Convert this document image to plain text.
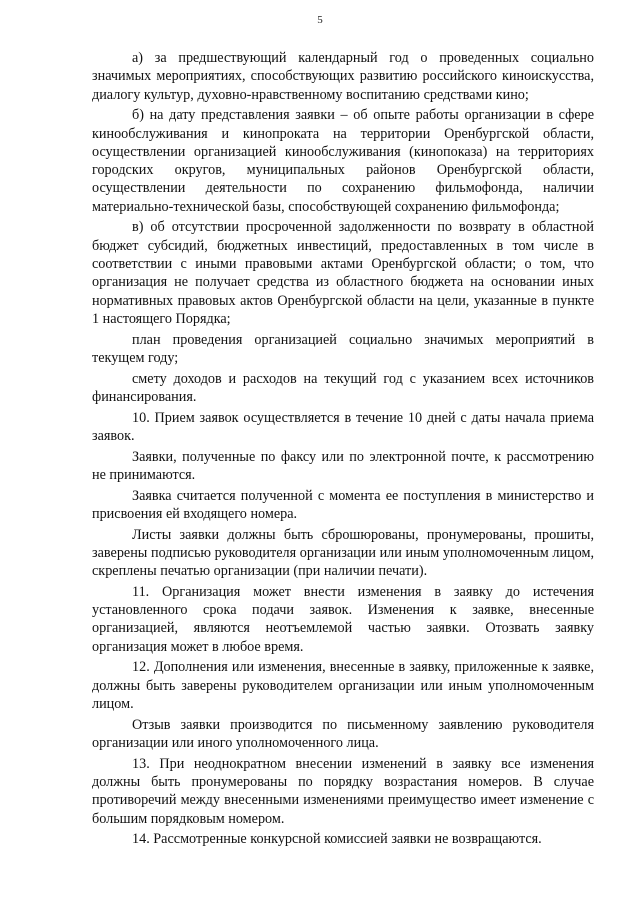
5

а) за предшествующий календарный год о проведенных социально значимых мероприятиях, способствующих развитию российского киноискусства, диалогу культур, духовно-нравственному воспитанию средствами кино;

б) на дату представления заявки – об опыте работы организации в сфере кинообслуживания и кинопроката на территории Оренбургской области, осуществлении организацией кинообслуживания (кинопоказа) на территориях городских округов, муниципальных районов Оренбургской области, осуществлении деятельности по сохранению фильмофонда, наличии материально-технической базы, способствующей сохранению фильмофонда;

в) об отсутствии просроченной задолженности по возврату в областной бюджет субсидий, бюджетных инвестиций, предоставленных в том числе в соответствии с иными правовыми актами Оренбургской области; о том, что организация не получает средства из областного бюджета на основании иных нормативных правовых актов Оренбургской области на цели, указанные в пункте 1 настоящего Порядка;

план проведения организацией социально значимых мероприятий в текущем году;

смету доходов и расходов на текущий год с указанием всех источников финансирования.

10. Прием заявок осуществляется в течение 10 дней с даты начала приема заявок.

Заявки, полученные по факсу или по электронной почте, к рассмотрению не принимаются.

Заявка считается полученной с момента ее поступления в министерство и присвоения ей входящего номера.

Листы заявки должны быть сброшюрованы, пронумерованы, прошиты, заверены подписью руководителя организации или иным уполномоченным лицом, скреплены печатью организации (при наличии печати).

11. Организация может внести изменения в заявку до истечения установленного срока подачи заявок. Изменения к заявке, внесенные организацией, являются неотъемлемой частью заявки. Отозвать заявку организация может в любое время.

12. Дополнения или изменения, внесенные в заявку, приложенные к заявке, должны быть заверены руководителем организации или иным уполномоченным лицом.

Отзыв заявки производится по письменному заявлению руководителя организации или иного уполномоченного лица.

13. При неоднократном внесении изменений в заявку все изменения должны быть пронумерованы по порядку возрастания номеров. В случае противоречий между внесенными изменениями преимущество имеет изменение с большим порядковым номером.

14. Рассмотренные конкурсной комиссией заявки не возвращаются.
